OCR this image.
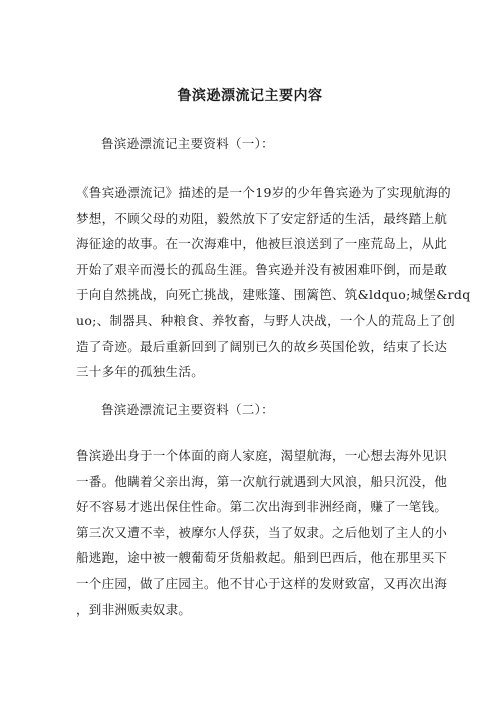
鲁滨逊漂流记主要内容
鲁滨逊漂流记主要资料（一）：
《鲁宾逊漂流记》描述的是一个19岁的少年鲁宾逊为了实现航海的
梦想，不顾父母的劝阻，毅然放下了安定舒适的生活，最终踏上航
海征途的故事。在一次海难中，他被巨浪送到了一座荒岛上，从此
开始了艰辛而漫长的孤岛生涯。鲁宾逊并没有被困难吓倒，而是敢
于向自然挑战，向死亡挑战，建账篷、围篱笆、筑&ldquo;城堡&rdq
uo;、制器具、种粮食、养牧畜，与野人决战，一个人的荒岛上了创
造了奇迹。最后重新回到了阔别已久的故乡英国伦敦，结束了长达
三十多年的孤独生活。
鲁滨逊漂流记主要资料（二）：
鲁滨逊出身于一个体面的商人家庭，渴望航海，一心想去海外见识
一番。他瞒着父亲出海，第一次航行就遇到大风浪，船只沉没，他
好不容易才逃出保住性命。第二次出海到非洲经商，赚了一笔钱。
第三次又遭不幸，被摩尔人俘获，当了奴隶。之后他划了主人的小
船逃跑，途中被一艘葡萄牙货船救起。船到巴西后，他在那里买下
一个庄园，做了庄园主。他不甘心于这样的发财致富，又再次出海
，到非洲贩卖奴隶。
